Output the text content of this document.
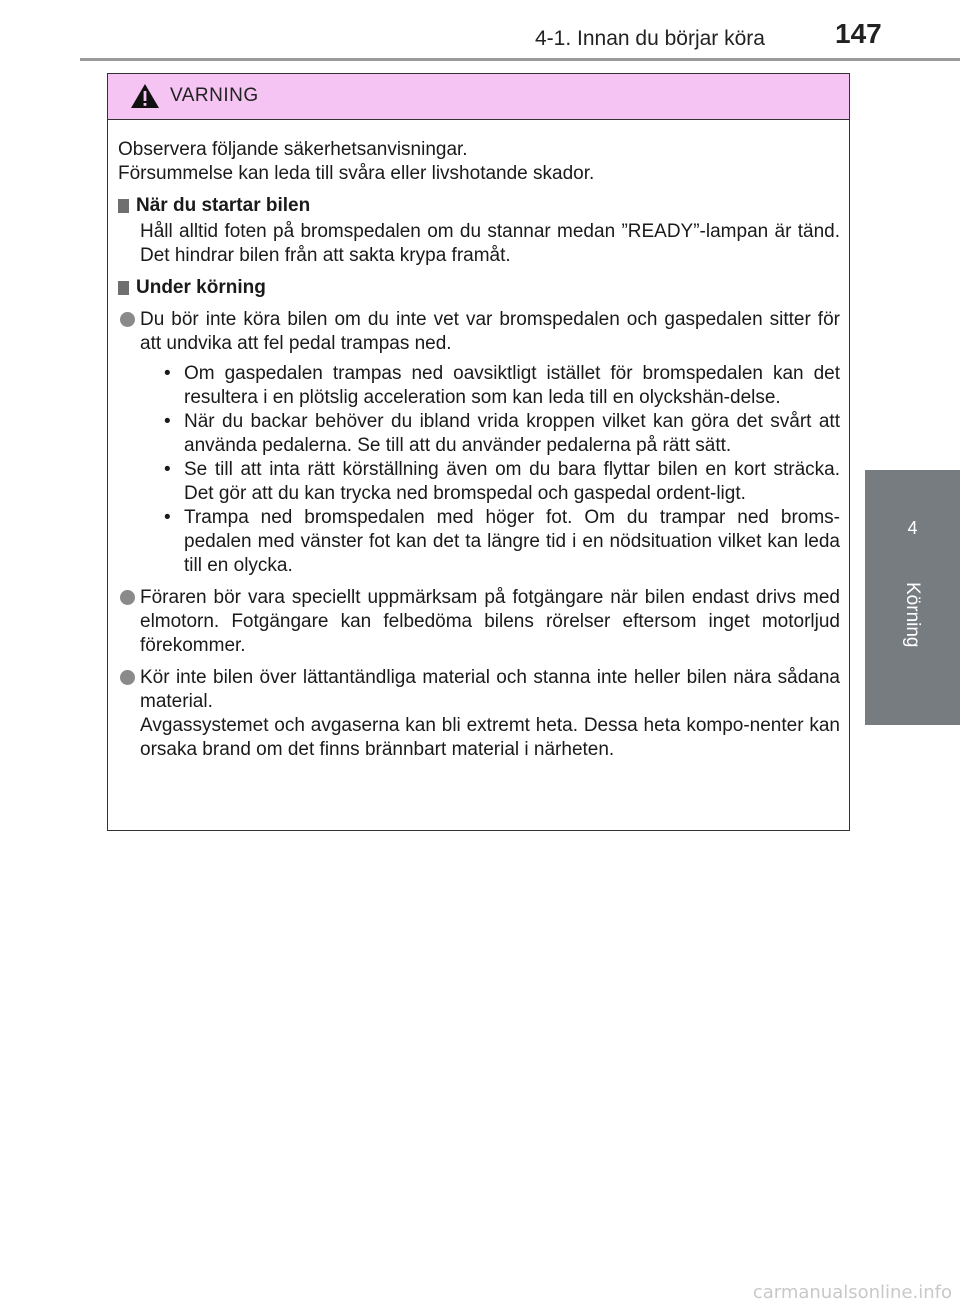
4-1. Innan du börjar köra	147
4
Körning
VARNING

Observera följande säkerhetsanvisningar.

Försummelse kan leda till svåra eller livshotande skador.

När du startar bilen

Håll alltid foten på bromspedalen om du stannar medan ”READY”-lampan är tänd. Det hindrar bilen från att sakta krypa framåt.

Under körning
Du bör inte köra bilen om du inte vet var bromspedalen och gaspedalen sitter för att undvika att fel pedal trampas ned.
• Om gaspedalen trampas ned oavsiktligt istället för bromspedalen kan det resultera i en plötslig acceleration som kan leda till en olyckshän-delse.
• När du backar behöver du ibland vrida kroppen vilket kan göra det svårt att använda pedalerna. Se till att du använder pedalerna på rätt sätt.
• Se till att inta rätt körställning även om du bara flyttar bilen en kort sträcka. Det gör att du kan trycka ned bromspedal och gaspedal ordent-ligt.
• Trampa ned bromspedalen med höger fot. Om du trampar ned broms-pedalen med vänster fot kan det ta längre tid i en nödsituation vilket kan leda till en olycka.
Föraren bör vara speciellt uppmärksam på fotgängare när bilen endast drivs med elmotorn. Fotgängare kan felbedöma bilens rörelser eftersom inget motorljud förekommer.
Kör inte bilen över lättantändliga material och stanna inte heller bilen nära sådana material.
Avgassystemet och avgaserna kan bli extremt heta. Dessa heta kompo-nenter kan orsaka brand om det finns brännbart material i närheten.
carmanualsonline.info
